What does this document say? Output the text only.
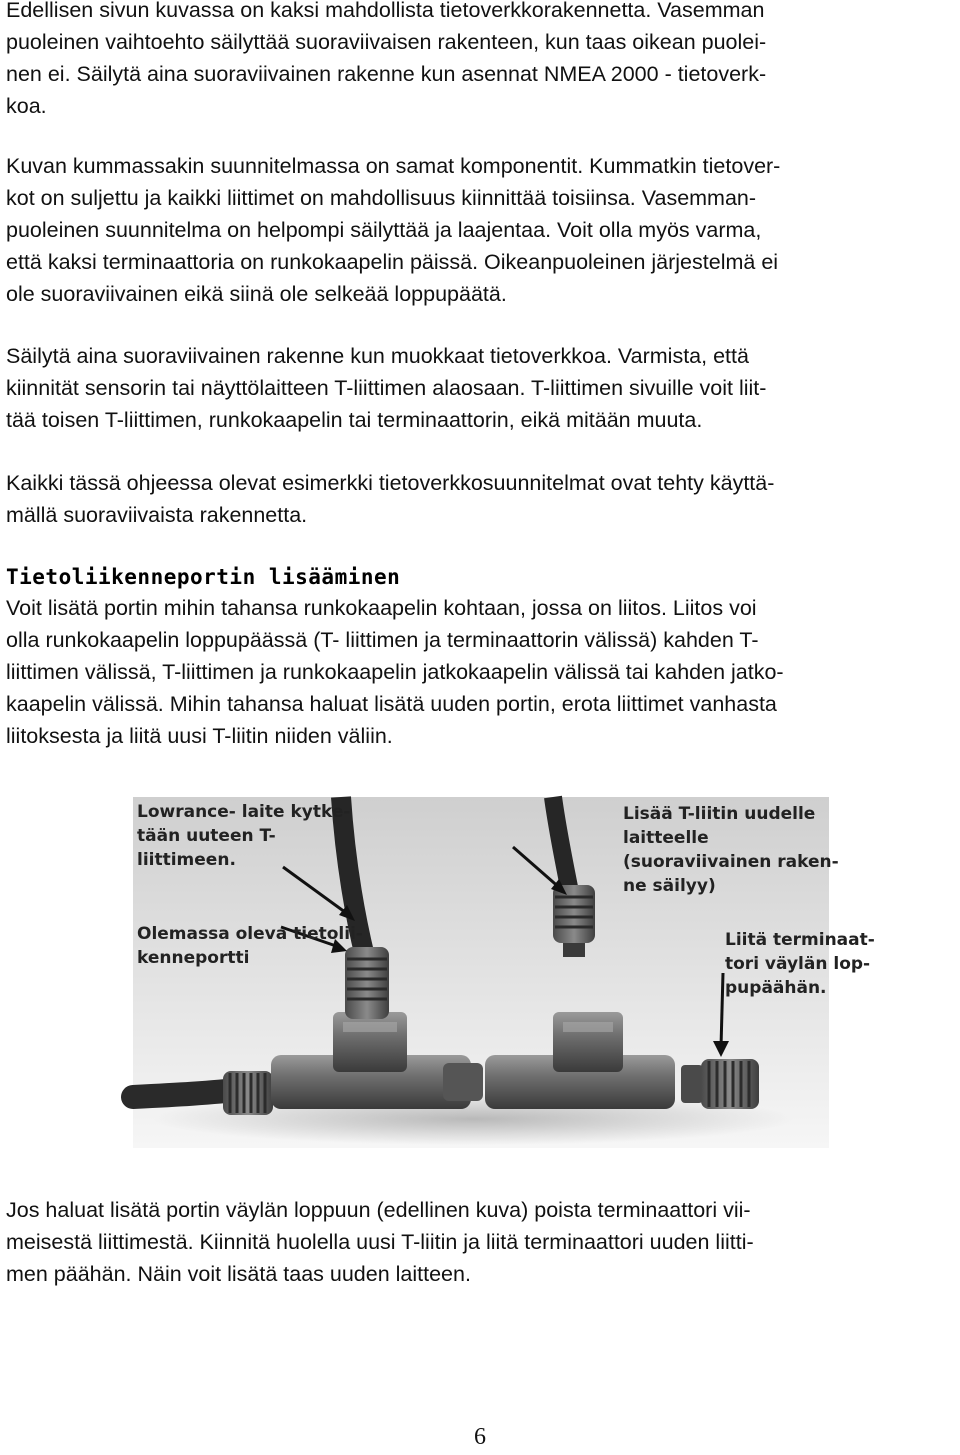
Edellisen sivun kuvassa on kaksi mahdollista tietoverkkorakennetta. Vasemman
puoleinen vaihtoehto säilyttää suoraviivaisen rakenteen, kun taas oikean puolei-
nen ei. Säilytä aina suoraviivainen rakenne kun asennat NMEA 2000 - tietoverk-
koa.
Kuvan kummassakin suunnitelmassa on samat komponentit. Kummatkin tietover-
kot on suljettu ja kaikki liittimet on mahdollisuus kiinnittää toisiinsa. Vasemman-
puoleinen suunnitelma on helpompi säilyttää ja laajentaa. Voit olla myös varma,
että kaksi terminaattoria on runkokaapelin päissä. Oikeanpuoleinen järjestelmä ei
ole suoraviivainen eikä siinä ole selkeää loppupäätä.
Säilytä aina suoraviivainen rakenne kun muokkaat tietoverkkoa. Varmista, että
kiinnität sensorin tai näyttölaitteen T-liittimen alaosaan. T-liittimen sivuille voit liit-
tää toisen T-liittimen, runkokaapelin tai terminaattorin, eikä mitään muuta.
Kaikki tässä ohjeessa olevat esimerkki tietoverkkosuunnitelmat ovat tehty käyttä-
mällä suoraviivaista rakennetta.
Tietoliikenneportin lisääminen
Voit lisätä portin mihin tahansa runkokaapelin kohtaan, jossa on liitos. Liitos voi
olla runkokaapelin loppupäässä (T- liittimen ja terminaattorin välissä) kahden T-
liittimen välissä, T-liittimen ja runkokaapelin jatkokaapelin välissä tai kahden jatko-
kaapelin välissä. Mihin tahansa haluat lisätä uuden portin, erota liittimet vanhasta
liitoksesta ja liitä uusi T-liitin niiden väliin.
Lowrance- laite kytke- tään uuteen T- liittimeen.
Olemassa oleva tietolii- kenneportti
Lisää T-liitin uudelle laitteelle (suoraviivainen raken- ne säilyy)
Liitä terminaat- tori väylän lop- pupäähän.
Jos haluat lisätä portin väylän loppuun (edellinen kuva) poista terminaattori vii-
meisestä liittimestä. Kiinnitä huolella uusi T-liitin ja liitä terminaattori uuden liitti-
men päähän. Näin voit lisätä taas uuden laitteen.
6
